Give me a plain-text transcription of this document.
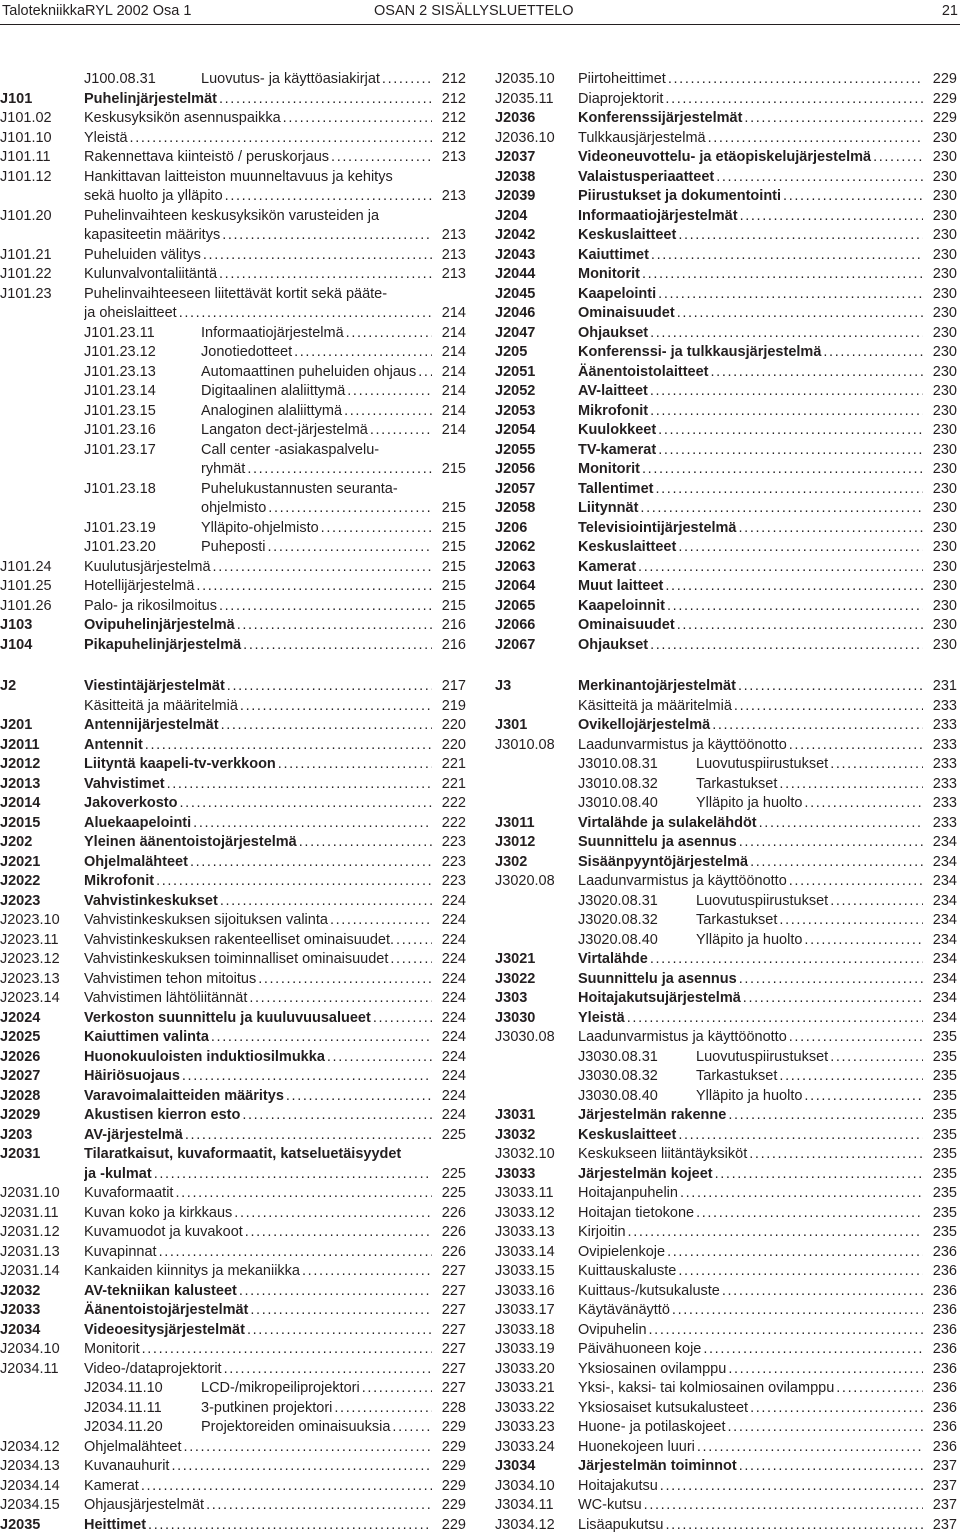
TalotekniikkaRYL 2002 Osa 1	OSAN 2 SISÄLLYSLUETTELO	21
J100.08.31	Luovutus- ja käyttöasiakirjat . . .	212
J101	Puhelinjärjestelmät . . .	212
J101.02 Keskusyksikön asennuspaikka . . .	212
J101.10 Yleistä . . .	212
J101.11 Rakennettava kiinteistö / peruskorjaus . . .	213
J101.12 Hankittavan laitteiston muunneltavuus ja kehitys
sekä huolto ja ylläpito . . .	213
J101.20 Puhelinvaihteen keskusyksikön varusteiden ja
kapasiteetin määritys . . .	213
J101.21 Puheluiden välitys . . .	213
J101.22 Kulunvalvontaliitäntä . . .	213
J101.23 Puhelinvaihteeseen liitettävät kortit sekä pääte-
ja oheislaitteet . . .	214
J101.23.11	Informaatiojärjestelmä . . .	214
J101.23.12	Jonotiedotteet . . .	214
J101.23.13	Automaattinen puheluiden ohjaus . . .	214
J101.23.14	Digitaalinen alaliittymä . . .	214
J101.23.15	Analoginen alaliittymä . . .	214
J101.23.16	Langaton dect-järjestelmä . . .	214
J101.23.17	Call center -asiakaspalvelu-
ryhmät . . .	215
J101.23.18	Puhelukustannusten seuranta-
ohjelmisto . . .	215
J101.23.19	Ylläpito-ohjelmisto . . .	215
J101.23.20	Puheposti . . .	215
J101.24 Kuulutusjärjestelmä . . .	215
J101.25 Hotellijärjestelmä . . .	215
J101.26 Palo- ja rikosilmoitus . . .	215
J103	Ovipuhelinjärjestelmä . . .	216
J104	Pikapuhelinjärjestelmä . . .	216
J2035.10 Piirtoheittimet . . .	229
J2035.11 Diaprojektorit . . .	229
J2036	Konferenssijärjestelmät . . .	229
J2036.10 Tulkkausjärjestelmä . . .	230
J2037	Videoneuvottelu- ja etäopiskelujärjestelmä . . .	230
J2038	Valaistusperiaatteet . . .	230
J2039	Piirustukset ja dokumentointi . . .	230
J204	Informaatiojärjestelmät . . .	230
J2042	Keskuslaitteet . . .	230
J2043	Kaiuttimet . . .	230
J2044	Monitorit . . .	230
J2045	Kaapelointi . . .	230
J2046	Ominaisuudet . . .	230
J2047	Ohjaukset . . .	230
J205	Konferenssi- ja tulkkausjärjestelmä . . .	230
J2051	Äänentoistolaitteet . . .	230
J2052	AV-laitteet . . .	230
J2053	Mikrofonit . . .	230
J2054	Kuulokkeet . . .	230
J2055	TV-kamerat . . .	230
J2056	Monitorit . . .	230
J2057	Tallentimet . . .	230
J2058	Liitynnät . . .	230
J206	Televisiointijärjestelmä . . .	230
J2062	Keskuslaitteet . . .	230
J2063	Kamerat . . .	230
J2064	Muut laitteet . . .	230
J2065	Kaapeloinnit . . .	230
J2066	Ominaisuudet . . .	230
J2067	Ohjaukset . . .	230
J2	Viestintäjärjestelmät . . .	217
Käsitteitä ja määritelmiä . . .	219
J201	Antennijärjestelmät . . .	220
J2011	Antennit . . .	220
J2012	Liityntä kaapeli-tv-verkkoon . . .	221
J2013	Vahvistimet . . .	221
J2014	Jakoverkosto . . .	222
J2015	Aluekaapelointi . . .	222
J202	Yleinen äänentoistojärjestelmä . . .	223
J2021	Ohjelmalähteet . . .	223
J2022	Mikrofonit . . .	223
J2023	Vahvistinkeskukset . . .	224
J2023.10 Vahvistinkeskuksen sijoituksen valinta . . .	224
J2023.11 Vahvistinkeskuksen rakenteelliset ominaisuudet. . . .	224
J2023.12 Vahvistinkeskuksen toiminnalliset ominaisuudet . . .	224
J2023.13 Vahvistimen tehon mitoitus . . .	224
J2023.14 Vahvistimen lähtöliitännät . . .	224
J2024	Verkoston suunnittelu ja kuuluvuusalueet . . .	224
J2025	Kaiuttimen valinta . . .	224
J2026	Huonokuuloisten induktiosilmukka . . .	224
J2027	Häiriösuojaus . . .	224
J2028	Varavoimalaitteiden määritys . . .	224
J2029	Akustisen kierron esto . . .	224
J203	AV-järjestelmä . . .	225
J2031	Tilaratkaisut, kuvaformaatit, katseluetäisyydet
ja -kulmat . . .	225
J2031.10 Kuvaformaatit . . .	225
J2031.11 Kuvan koko ja kirkkaus . . .	226
J2031.12 Kuvamuodot ja kuvakoot . . .	226
J2031.13 Kuvapinnat . . .	226
J2031.14 Kankaiden kiinnitys ja mekaniikka . . .	227
J2032	AV-tekniikan kalusteet . . .	227
J2033	Äänentoistojärjestelmät . . .	227
J2034	Videoesitysjärjestelmät . . .	227
J2034.10 Monitorit . . .	227
J2034.11 Video-/dataprojektorit . . .	227
J2034.11.10	LCD-/mikropeiliprojektori . . .	227
J2034.11.11	3-putkinen projektori . . .	228
J2034.11.20	Projektoreiden ominaisuuksia . . .	229
J2034.12 Ohjelmalähteet . . .	229
J2034.13 Kuvanauhurit . . .	229
J2034.14 Kamerat . . .	229
J2034.15 Ohjausjärjestelmät . . .	229
J2035	Heittimet . . .	229
J3	Merkinantojärjestelmät . . .	231
Käsitteitä ja määritelmiä . . .	233
J301	Ovikellojärjestelmä . . .	233
J3010.08 Laadunvarmistus ja käyttöönotto . . .	233
J3010.08.31	Luovutuspiirustukset . . .	233
J3010.08.32	Tarkastukset . . .	233
J3010.08.40	Ylläpito ja huolto . . .	233
J3011	Virtalähde ja sulakelähdöt . . .	233
J3012	Suunnittelu ja asennus . . .	234
J302	Sisäänpyyntöjärjestelmä . . .	234
J3020.08 Laadunvarmistus ja käyttöönotto . . .	234
J3020.08.31	Luovutuspiirustukset . . .	234
J3020.08.32	Tarkastukset . . .	234
J3020.08.40	Ylläpito ja huolto . . .	234
J3021	Virtalähde . . .	234
J3022	Suunnittelu ja asennus . . .	234
J303	Hoitajakutsujärjestelmä . . .	234
J3030	Yleistä . . .	234
J3030.08 Laadunvarmistus ja käyttöönotto . . .	235
J3030.08.31	Luovutuspiirustukset . . .	235
J3030.08.32	Tarkastukset . . .	235
J3030.08.40	Ylläpito ja huolto . . .	235
J3031	Järjestelmän rakenne . . .	235
J3032	Keskuslaitteet . . .	235
J3032.10 Keskukseen liitäntäyksiköt . . .	235
J3033	Järjestelmän kojeet . . .	235
J3033.11 Hoitajanpuhelin . . .	235
J3033.12 Hoitajan tietokone . . .	235
J3033.13 Kirjoitin . . .	235
J3033.14 Ovipielenkoje . . .	236
J3033.15 Kuittauskaluste . . .	236
J3033.16 Kuittaus-/kutsukaluste . . .	236
J3033.17 Käytävänäyttö . . .	236
J3033.18 Ovipuhelin . . .	236
J3033.19 Päivähuoneen koje . . .	236
J3033.20 Yksiosainen ovilamppu . . .	236
J3033.21 Yksi-, kaksi- tai kolmiosainen ovilamppu . . .	236
J3033.22 Yksiosaiset kutsukalusteet . . .	236
J3033.23 Huone- ja potilaskojeet . . .	236
J3033.24 Huonekojeen luuri . . .	236
J3034	Järjestelmän toiminnot . . .	237
J3034.10 Hoitajakutsu . . .	237
J3034.11 WC-kutsu . . .	237
J3034.12 Lisäapukutsu . . .	237
